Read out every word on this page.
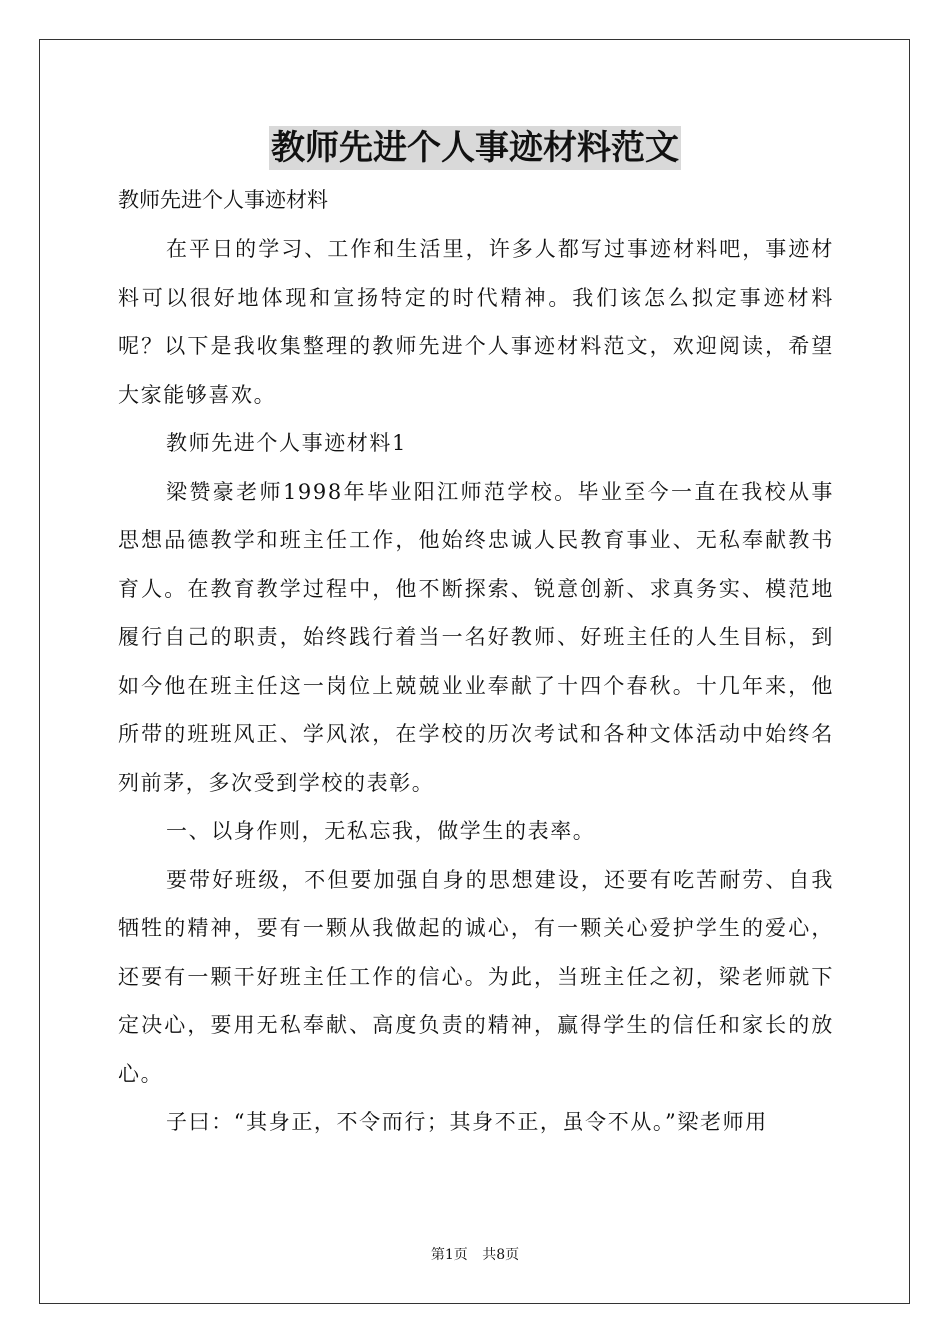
教师先进个人事迹材料范文

教师先进个人事迹材料

在平日的学习、工作和生活里，许多人都写过事迹材料吧，事迹材料可以很好地体现和宣扬特定的时代精神。我们该怎么拟定事迹材料呢？以下是我收集整理的教师先进个人事迹材料范文，欢迎阅读，希望大家能够喜欢。

教师先进个人事迹材料1

梁赞豪老师1998年毕业阳江师范学校。毕业至今一直在我校从事思想品德教学和班主任工作，他始终忠诚人民教育事业、无私奉献教书育人。在教育教学过程中，他不断探索、锐意创新、求真务实、模范地履行自己的职责，始终践行着当一名好教师、好班主任的人生目标，到如今他在班主任这一岗位上兢兢业业奉献了十四个春秋。十几年来，他所带的班班风正、学风浓，在学校的历次考试和各种文体活动中始终名列前茅，多次受到学校的表彰。

一、以身作则，无私忘我，做学生的表率。

要带好班级，不但要加强自身的思想建设，还要有吃苦耐劳、自我牺牲的精神，要有一颗从我做起的诚心，有一颗关心爱护学生的爱心，还要有一颗干好班主任工作的信心。为此，当班主任之初，梁老师就下定决心，要用无私奉献、高度负责的精神，赢得学生的信任和家长的放心。

子曰：“其身正，不令而行；其身不正，虽令不从。”梁老师用

第1页 共8页
